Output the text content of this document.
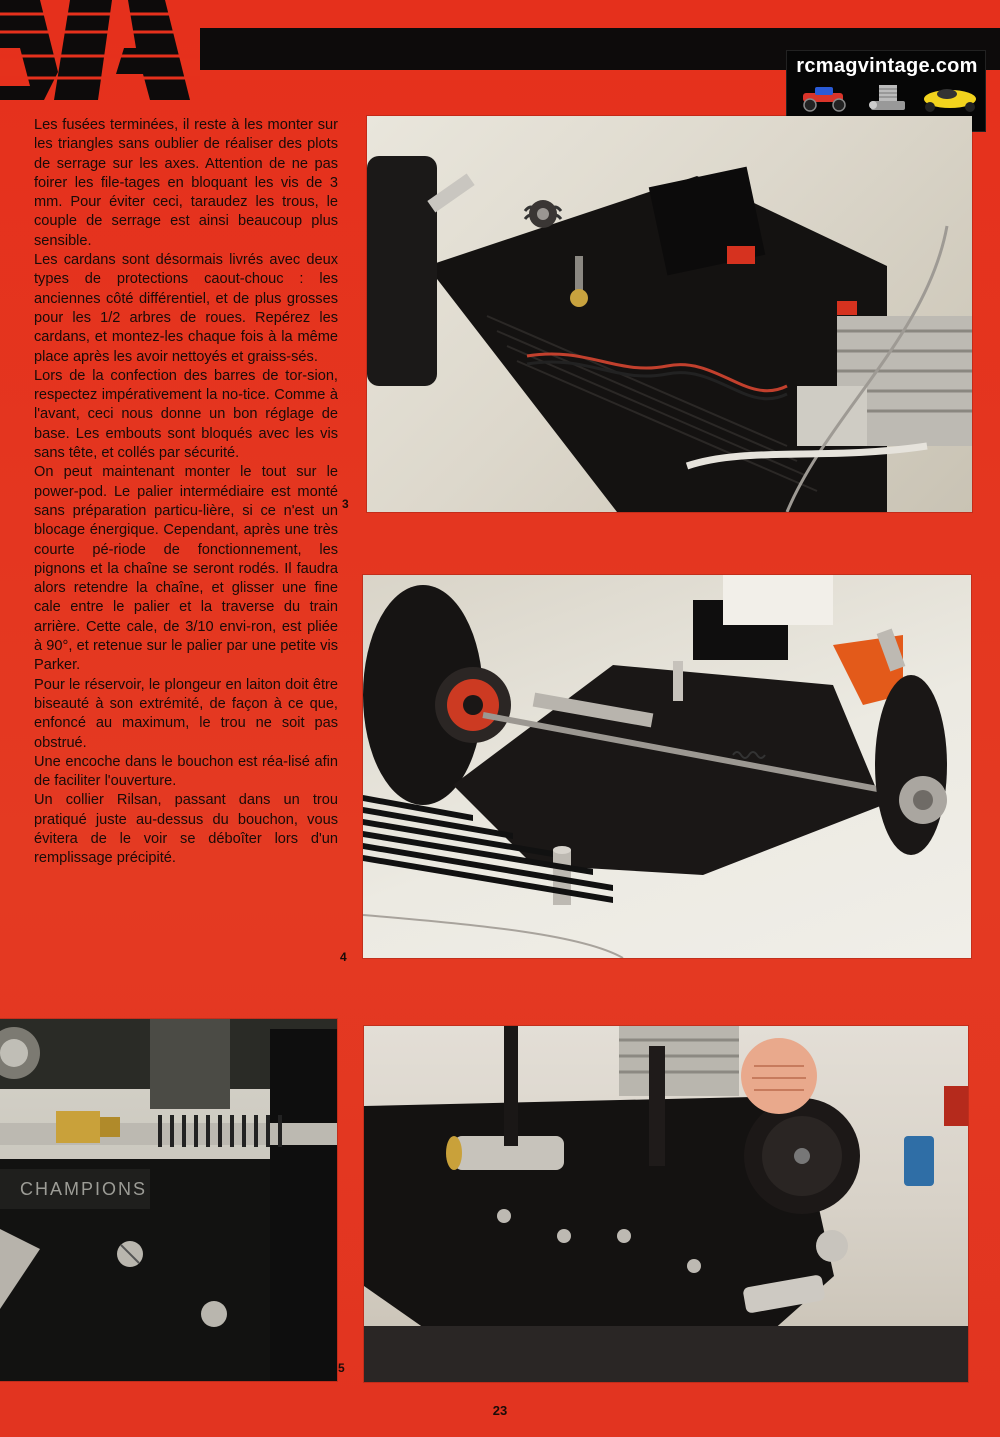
rcmagvintage.com

Les fusées terminées, il reste à les monter sur les triangles sans oublier de réaliser des plots de serrage sur les axes. Attention de ne pas foirer les file-tages en bloquant les vis de 3 mm. Pour éviter ceci, taraudez les trous, le couple de serrage est ainsi beaucoup plus sensible.

Les cardans sont désormais livrés avec deux types de protections caout-chouc : les anciennes côté différentiel, et de plus grosses pour les 1/2 arbres de roues. Repérez les cardans, et montez-les chaque fois à la même place après les avoir nettoyés et graiss-sés.

Lors de la confection des barres de tor-sion, respectez impérativement la no-tice. Comme à l'avant, ceci nous donne un bon réglage de base. Les embouts sont bloqués avec les vis sans tête, et collés par sécurité.

On peut maintenant monter le tout sur le power-pod. Le palier intermédiaire est monté sans préparation particu-lière, si ce n'est un blocage énergique. Cependant, après une très courte pé-riode de fonctionnement, les pignons et la chaîne se seront rodés. Il faudra alors retendre la chaîne, et glisser une fine cale entre le palier et la traverse du train arrière. Cette cale, de 3/10 envi-ron, est pliée à 90°, et retenue sur le palier par une petite vis Parker.

Pour le réservoir, le plongeur en laiton doit être biseauté à son extrémité, de façon à ce que, enfoncé au maximum, le trou ne soit pas obstrué.

Une encoche dans le bouchon est réa-lisé afin de faciliter l'ouverture.

Un collier Rilsan, passant dans un trou pratiqué juste au-dessus du bouchon, vous évitera de le voir se déboîter lors d'un remplissage précipité.

3
4
CHAMPIONS
5
23
